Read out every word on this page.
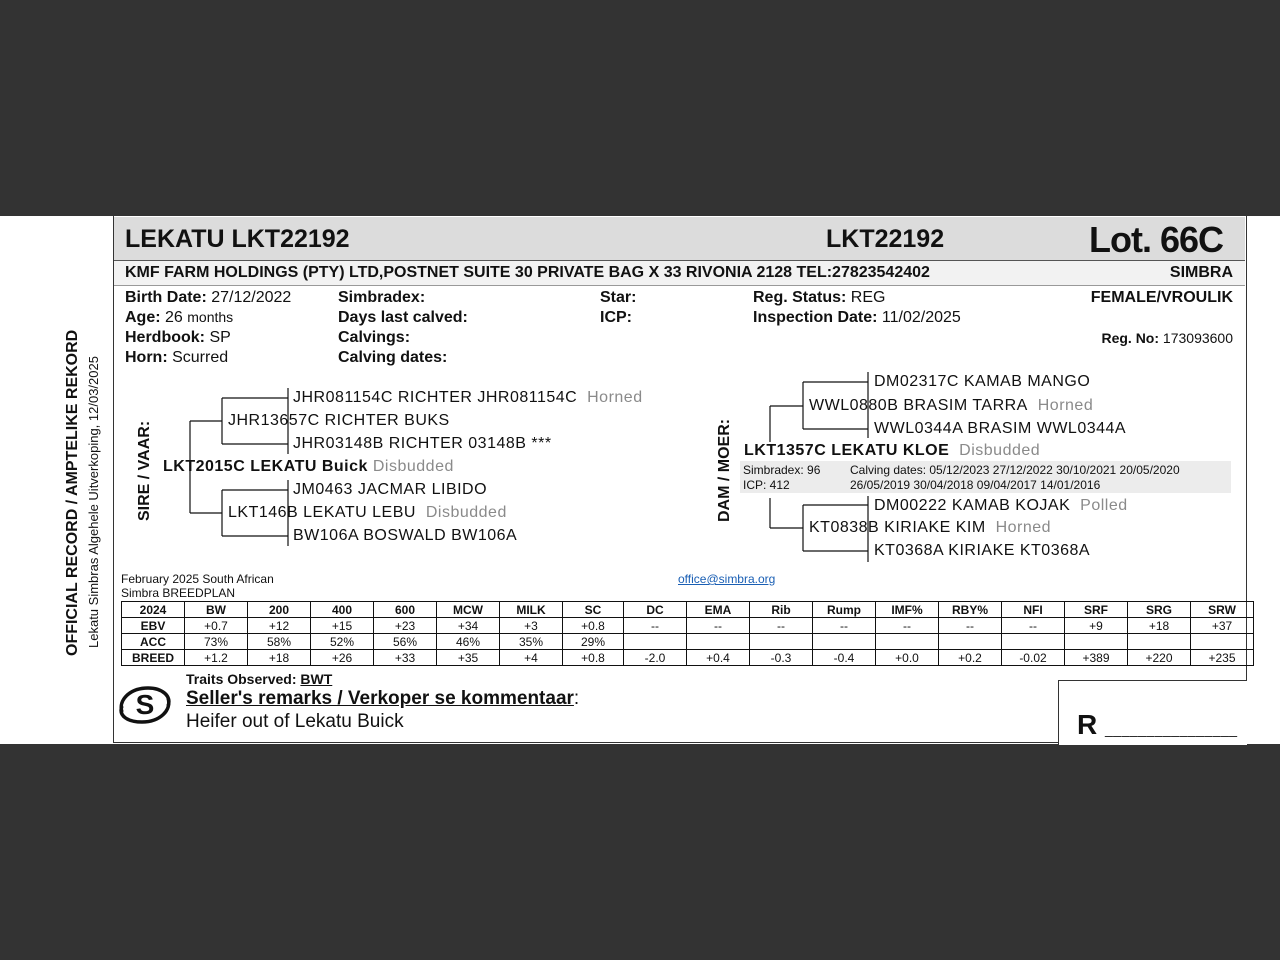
OFFICIAL RECORD / AMPTELIKE REKORD Lekatu Simbras Algehele Uitverkoping, 12/03/2025
LEKATU LKT22192	LKT22192	Lot. 66C
KMF FARM HOLDINGS (PTY) LTD,POSTNET SUITE 30 PRIVATE BAG X 33 RIVONIA 2128 TEL:27823542402	SIMBRA
Birth Date: 27/12/2022
Age: 26 months
Herdbook: SP
Horn: Scurred
Simbradex:
Days last calved:
Calvings:
Calving dates:
Star:
ICP:
Reg. Status: REG
Inspection Date: 11/02/2025
FEMALE/VROULIK
Reg. No: 173093600
SIRE / VAAR:
JHR081154C RICHTER JHR081154C Horned
JHR13657C RICHTER BUKS
JHR03148B RICHTER 03148B ***
LKT2015C LEKATU Buick Disbudded
JM0463 JACMAR LIBIDO
LKT146B LEKATU LEBU Disbudded
BW106A BOSWALD BW106A
DAM / MOER:
DM02317C KAMAB MANGO
WWL0880B BRASIM TARRA Horned
WWL0344A BRASIM WWL0344A
LKT1357C LEKATU KLOE Disbudded
Simbradex: 96
ICP: 412
Calving dates: 05/12/2023 27/12/2022 30/10/2021 20/05/2020
26/05/2019 30/04/2018 09/04/2017 14/01/2016
DM00222 KAMAB KOJAK Polled
KT0838B KIRIAKE KIM Horned
KT0368A KIRIAKE KT0368A
February 2025 South African
Simbra BREEDPLAN
office@simbra.org
2024	BW	200	400	600	MCW	MILK	SC	DC	EMA	Rib	Rump	IMF%	RBY%	NFI	SRF	SRG	SRW
EBV	+0.7	+12	+15	+23	+34	+3	+0.8	--	--	--	--	--	--	--	+9	+18	+37
ACC	73%	58%	52%	56%	46%	35%	29%										
BREED	+1.2	+18	+26	+33	+35	+4	+0.8	-2.0	+0.4	-0.3	-0.4	+0.0	+0.2	-0.02	+389	+220	+235
S
Traits Observed: BWT
Seller's remarks / Verkoper se kommentaar:
Heifer out of Lekatu Buick	R ________________
